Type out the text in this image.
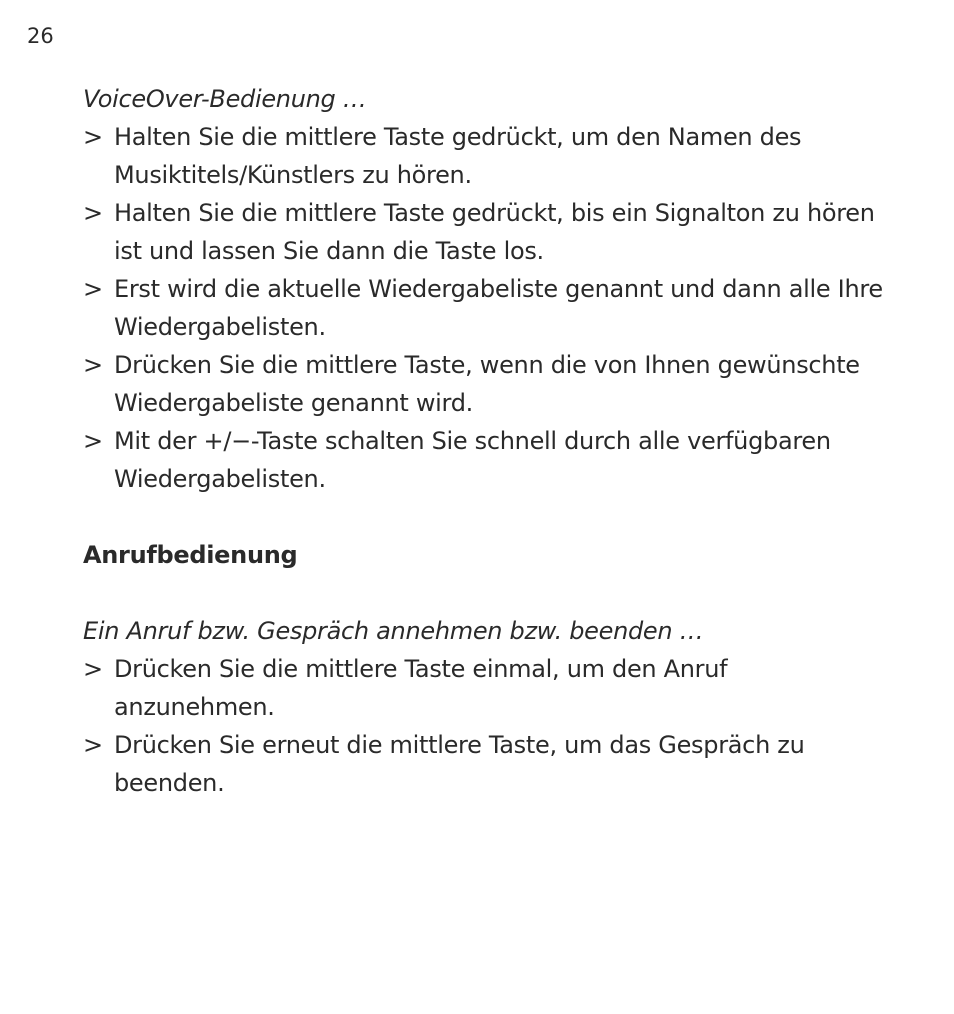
26

VoiceOver-Bedienung …

> Halten Sie die mittlere Taste gedrückt, um den Namen des Musiktitels/Künstlers zu hören.
> Halten Sie die mittlere Taste gedrückt, bis ein Signalton zu hören ist und lassen Sie dann die Taste los.
> Erst wird die aktuelle Wiedergabeliste genannt und dann alle Ihre Wiedergabelisten.
> Drücken Sie die mittlere Taste, wenn die von Ihnen gewünschte Wiedergabeliste genannt wird.
> Mit der +/−-Taste schalten Sie schnell durch alle verfügbaren Wiedergabelisten.
Anrufbedienung

Ein Anruf bzw. Gespräch annehmen bzw. beenden …

> Drücken Sie die mittlere Taste einmal, um den Anruf anzunehmen.
> Drücken Sie erneut die mittlere Taste, um das Gespräch zu beenden.
